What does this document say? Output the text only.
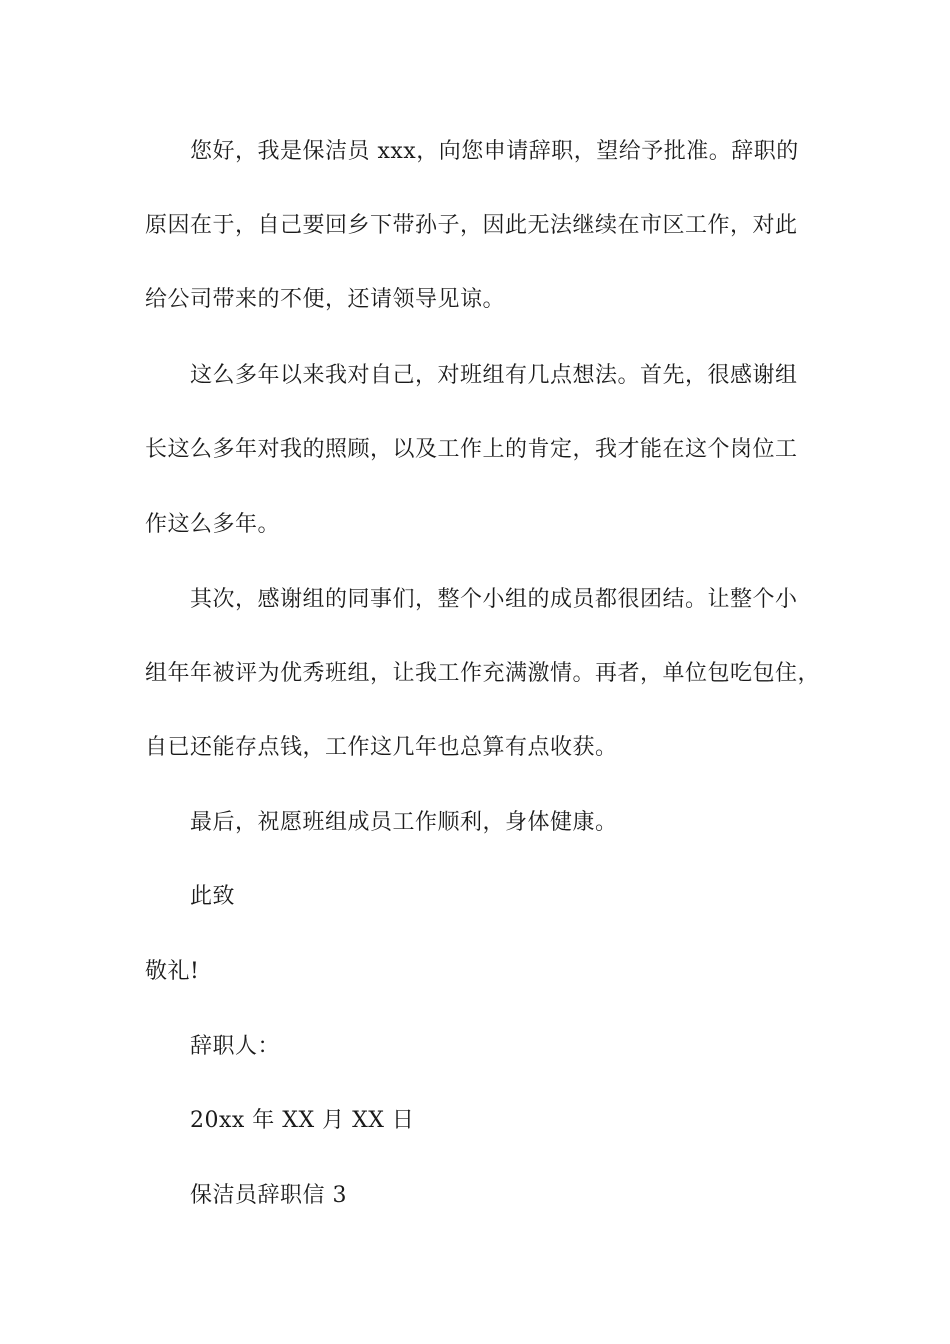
您好，我是保洁员 xxx，向您申请辞职，望给予批准。辞职的
原因在于，自己要回乡下带孙子，因此无法继续在市区工作，对此
给公司带来的不便，还请领导见谅。
这么多年以来我对自己，对班组有几点想法。首先，很感谢组
长这么多年对我的照顾，以及工作上的肯定，我才能在这个岗位工
作这么多年。
其次，感谢组的同事们，整个小组的成员都很团结。让整个小
组年年被评为优秀班组，让我工作充满激情。再者，单位包吃包住，
自已还能存点钱，工作这几年也总算有点收获。
最后，祝愿班组成员工作顺利，身体健康。
此致
敬礼!
辞职人：
20xx 年 XX 月 XX 日
保洁员辞职信 3
